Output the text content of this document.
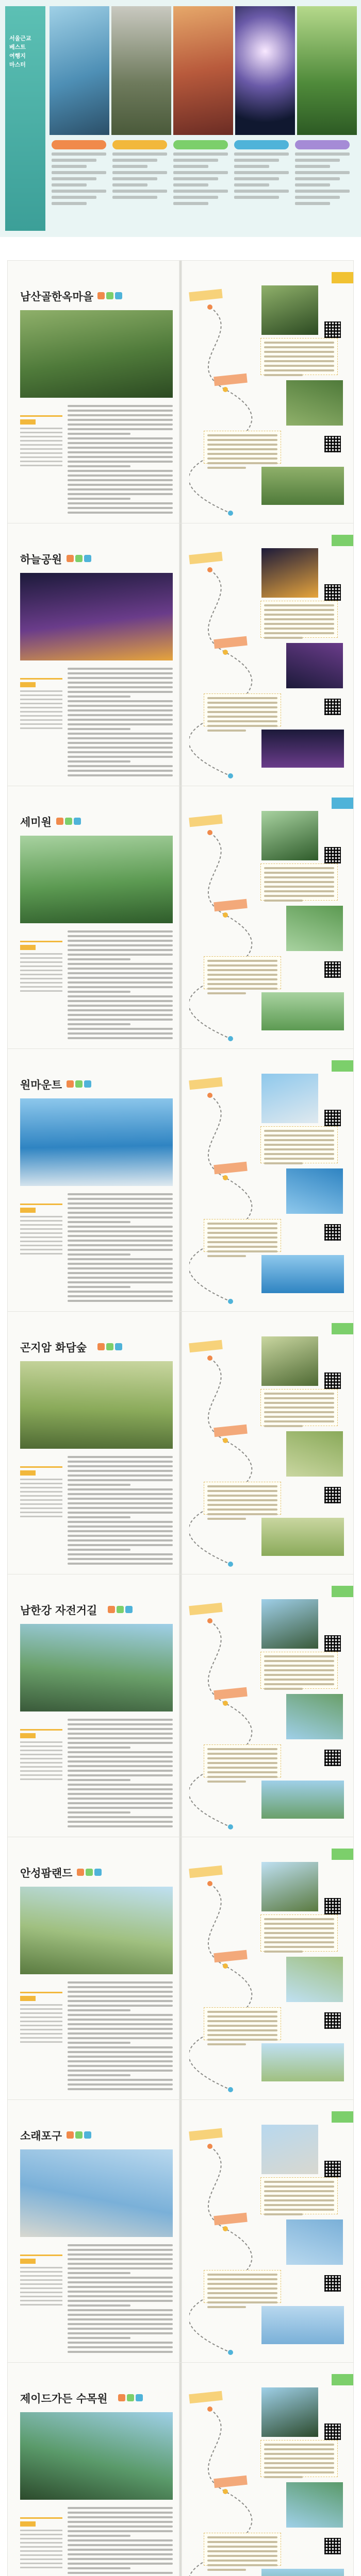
서울근교
베스트
여행지
마스터
남산골한옥마을
하늘공원
세미원
원마운트
곤지암 화담숲
남한강 자전거길
안성팜랜드
소래포구
제이드가든 수목원
